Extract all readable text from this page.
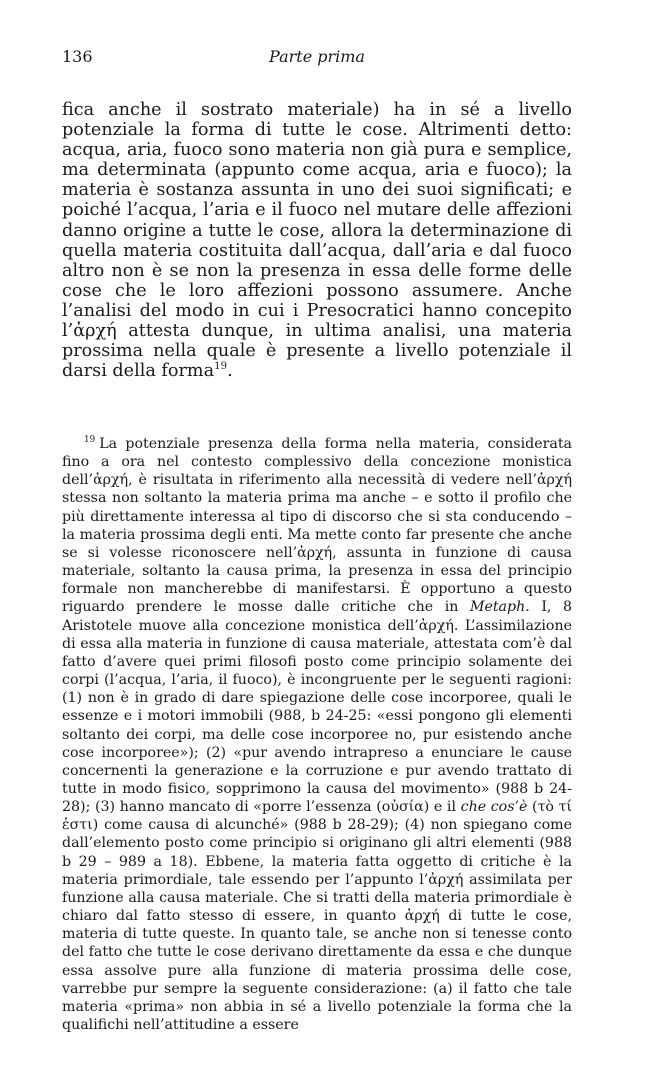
136	Parte prima

fica anche il sostrato materiale) ha in sé a livello potenziale la forma di tutte le cose. Altrimenti detto: acqua, aria, fuoco sono materia non già pura e semplice, ma determinata (appunto come acqua, aria e fuoco); la materia è sostanza assunta in uno dei suoi significati; e poiché l’acqua, l’aria e il fuoco nel mutare delle affezioni danno origine a tutte le cose, allora la determinazione di quella materia costituita dall’acqua, dall’aria e dal fuoco altro non è se non la presenza in essa delle forme delle cose che le loro affezioni possono assumere. Anche l’analisi del modo in cui i Presocratici hanno concepito l’ἀρχή attesta dunque, in ultima analisi, una materia prossima nella quale è presente a livello potenziale il darsi della forma$^{19}$.

$^{19}$ La potenziale presenza della forma nella materia, considerata fino a ora nel contesto complessivo della concezione monistica dell’ἀρχή, è risultata in riferimento alla necessità di vedere nell’ἀρχή stessa non soltanto la materia prima ma anche – e sotto il profilo che più direttamente interessa al tipo di discorso che si sta conducendo – la materia prossima degli enti. Ma mette conto far presente che anche se si volesse riconoscere nell’ἀρχή, assunta in funzione di causa materiale, soltanto la causa prima, la presenza in essa del principio formale non mancherebbe di manifestarsi. È opportuno a questo riguardo prendere le mosse dalle critiche che in Metaph. I, 8 Aristotele muove alla concezione monistica dell’ἀρχή. L’assimilazione di essa alla materia in funzione di causa materiale, attestata com’è dal fatto d’avere quei primi filosofi posto come principio solamente dei corpi (l’acqua, l’aria, il fuoco), è incongruente per le seguenti ragioni: (1) non è in grado di dare spiegazione delle cose incorporee, quali le essenze e i motori immobili (988, b 24-25: «essi pongono gli elementi soltanto dei corpi, ma delle cose incorporee no, pur esistendo anche cose incorporee»); (2) «pur avendo intrapreso a enunciare le cause concernenti la generazione e la corruzione e pur avendo trattato di tutte in modo fisico, sopprimono la causa del movimento» (988 b 24-28); (3) hanno mancato di «porre l’essenza (οὐσία) e il che cos’è (τὸ τί ἐστι) come causa di alcunché» (988 b 28-29); (4) non spiegano come dall’elemento posto come principio si originano gli altri elementi (988 b 29 – 989 a 18). Ebbene, la materia fatta oggetto di critiche è la materia primordiale, tale essendo per l’appunto l’ἀρχή assimilata per funzione alla causa materiale. Che si tratti della materia primordiale è chiaro dal fatto stesso di essere, in quanto ἀρχή di tutte le cose, materia di tutte queste. In quanto tale, se anche non si tenesse conto del fatto che tutte le cose derivano direttamente da essa e che dunque essa assolve pure alla funzione di materia prossima delle cose, varrebbe pur sempre la seguente considerazione: (a) il fatto che tale materia «prima» non abbia in sé a livello potenziale la forma che la qualifichi nell’attitudine a essere
